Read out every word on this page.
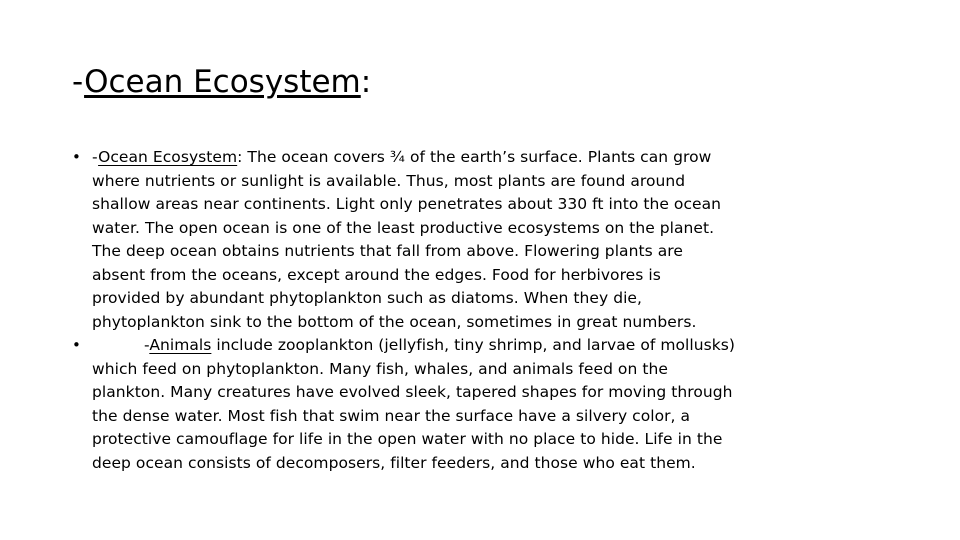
-Ocean Ecosystem:
• -Ocean Ecosystem: The ocean covers ¾ of the earth’s surface. Plants can grow
where nutrients or sunlight is available. Thus, most plants are found around
shallow areas near continents. Light only penetrates about 330 ft into the ocean
water. The open ocean is one of the least productive ecosystems on the planet.
The deep ocean obtains nutrients that fall from above. Flowering plants are
absent from the oceans, except around the edges. Food for herbivores is
provided by abundant phytoplankton such as diatoms. When they die,
phytoplankton sink to the bottom of the ocean, sometimes in great numbers.
•	-Animals include zooplankton (jellyfish, tiny shrimp, and larvae of mollusks)
which feed on phytoplankton. Many fish, whales, and animals feed on the
plankton. Many creatures have evolved sleek, tapered shapes for moving through
the dense water. Most fish that swim near the surface have a silvery color, a
protective camouflage for life in the open water with no place to hide. Life in the
deep ocean consists of decomposers, filter feeders, and those who eat them.
